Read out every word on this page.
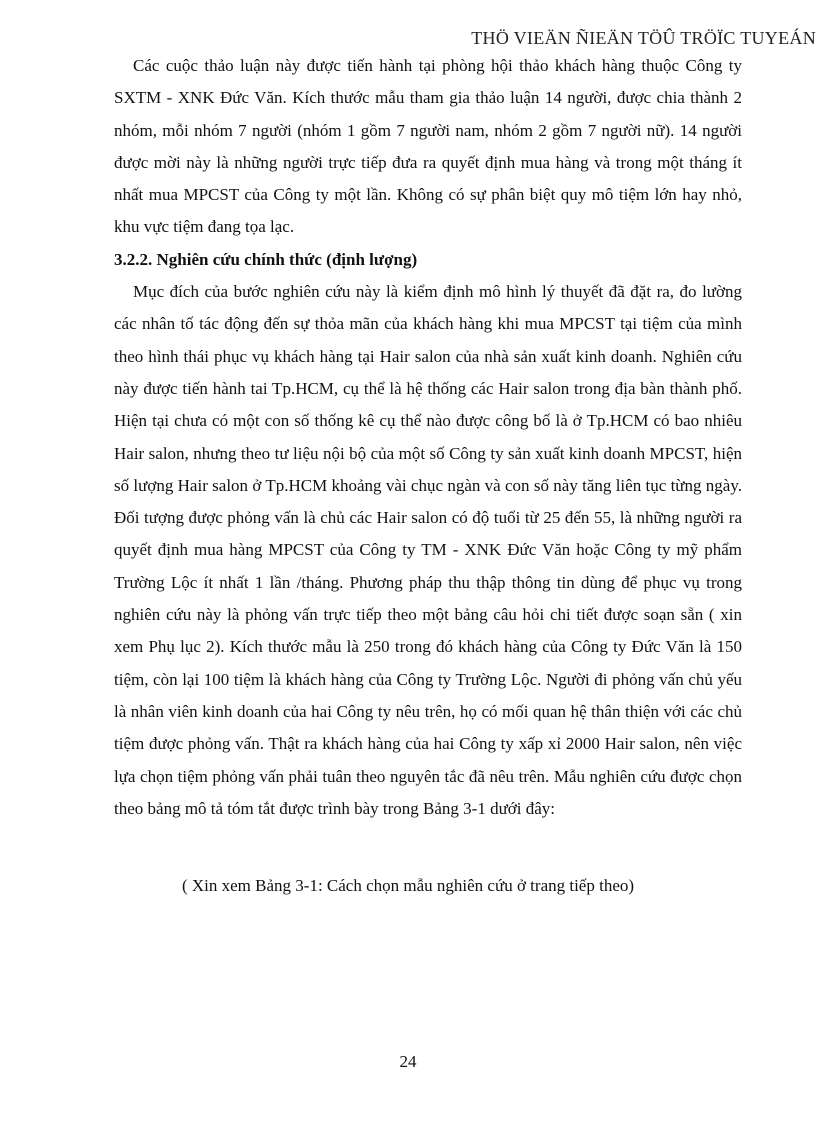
THÖ VIEÄN ÑIEÄN TÖÛ TRÖÏC TUYEÁN

Các cuộc thảo luận này được tiến hành tại phòng hội thảo khách hàng thuộc Công ty SXTM - XNK Đức Văn. Kích thước mẫu tham gia thảo luận 14 người, được chia thành 2 nhóm, mỗi nhóm 7 người (nhóm 1 gồm 7 người nam, nhóm 2 gồm 7 người nữ). 14 người được mời này là những người trực tiếp đưa ra quyết định mua hàng và trong một tháng ít nhất mua MPCST của Công ty một lần. Không có sự phân biệt quy mô tiệm lớn hay nhỏ, khu vực tiệm đang tọa lạc.

3.2.2. Nghiên cứu chính thức (định lượng)

Mục đích của bước nghiên cứu này là kiểm định mô hình lý thuyết đã đặt ra, đo lường các nhân tố tác động đến sự thỏa mãn của khách hàng khi mua MPCST tại tiệm của mình theo hình thái phục vụ khách hàng tại Hair salon của nhà sản xuất kinh doanh. Nghiên cứu này được tiến hành tai Tp.HCM, cụ thể là hệ thống các Hair salon trong địa bàn thành phố. Hiện tại chưa có một con số thống kê cụ thể nào được công bố là ở Tp.HCM có bao nhiêu Hair salon, nhưng theo tư liệu nội bộ của một số Công ty sản xuất kinh doanh MPCST, hiện số lượng Hair salon ở Tp.HCM khoảng vài chục ngàn và con số này tăng liên tục từng ngày. Đối tượng được phỏng vấn là chủ các Hair salon có độ tuổi từ 25 đến 55, là những người ra quyết định mua hàng MPCST của Công ty TM - XNK Đức Văn hoặc Công ty mỹ phẩm Trường Lộc ít nhất 1 lần /tháng. Phương pháp thu thập thông tin dùng để phục vụ trong nghiên cứu này là phỏng vấn trực tiếp theo một bảng câu hỏi chi tiết được soạn sẵn ( xin xem Phụ lục 2). Kích thước mẫu là 250 trong đó khách hàng của Công ty Đức Văn là 150 tiệm, còn lại 100 tiệm là khách hàng của Công ty Trường Lộc. Người đi phỏng vấn chủ yếu là nhân viên kinh doanh của hai Công ty nêu trên, họ có mối quan hệ thân thiện với các chủ tiệm được phỏng vấn. Thật ra khách hàng của hai Công ty xấp xỉ 2000 Hair salon, nên việc lựa chọn tiệm phỏng vấn phải tuân theo nguyên tắc đã nêu trên. Mẫu nghiên cứu được chọn theo bảng mô tả tóm tắt được trình bày trong Bảng 3-1 dưới đây:

( Xin xem Bảng 3-1: Cách chọn mẫu nghiên cứu ở trang tiếp theo)
24
